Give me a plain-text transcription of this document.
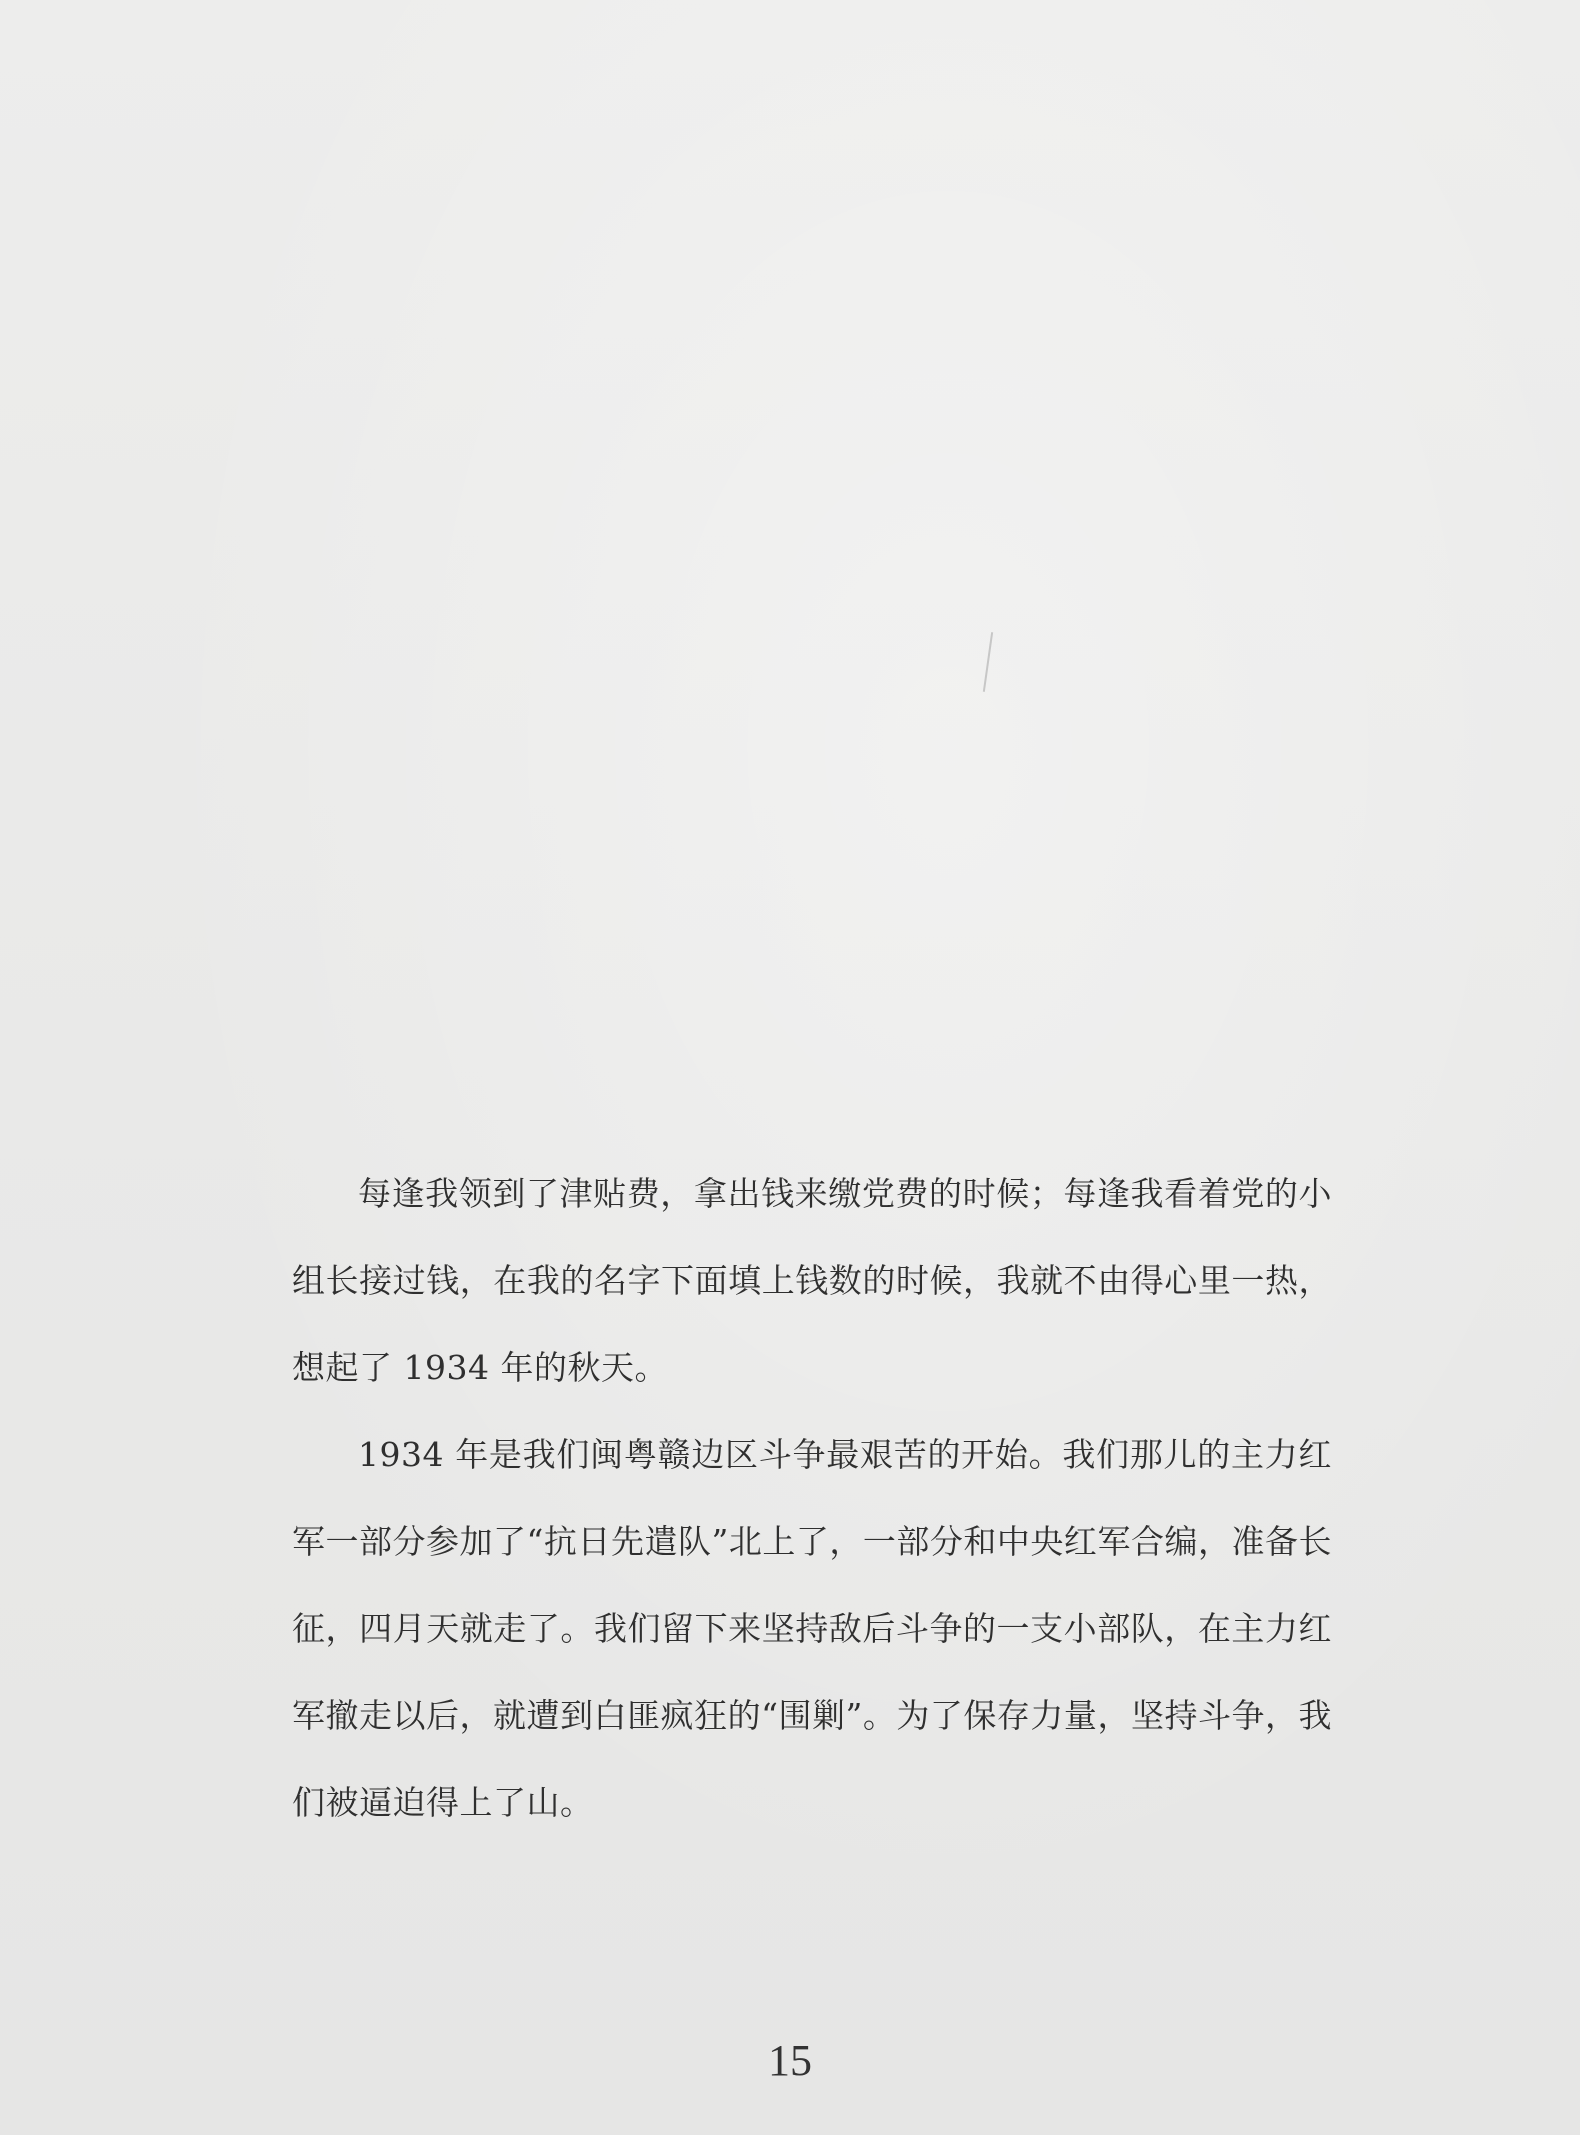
每逢我领到了津贴费，拿出钱来缴党费的时候；每逢我看着党的小组长接过钱，在我的名字下面填上钱数的时候，我就不由得心里一热，想起了 1934 年的秋天。

1934 年是我们闽粤赣边区斗争最艰苦的开始。我们那儿的主力红军一部分参加了“抗日先遣队”北上了，一部分和中央红军合编，准备长征，四月天就走了。我们留下来坚持敌后斗争的一支小部队，在主力红军撤走以后，就遭到白匪疯狂的“围剿”。为了保存力量，坚持斗争，我们被逼迫得上了山。

15
